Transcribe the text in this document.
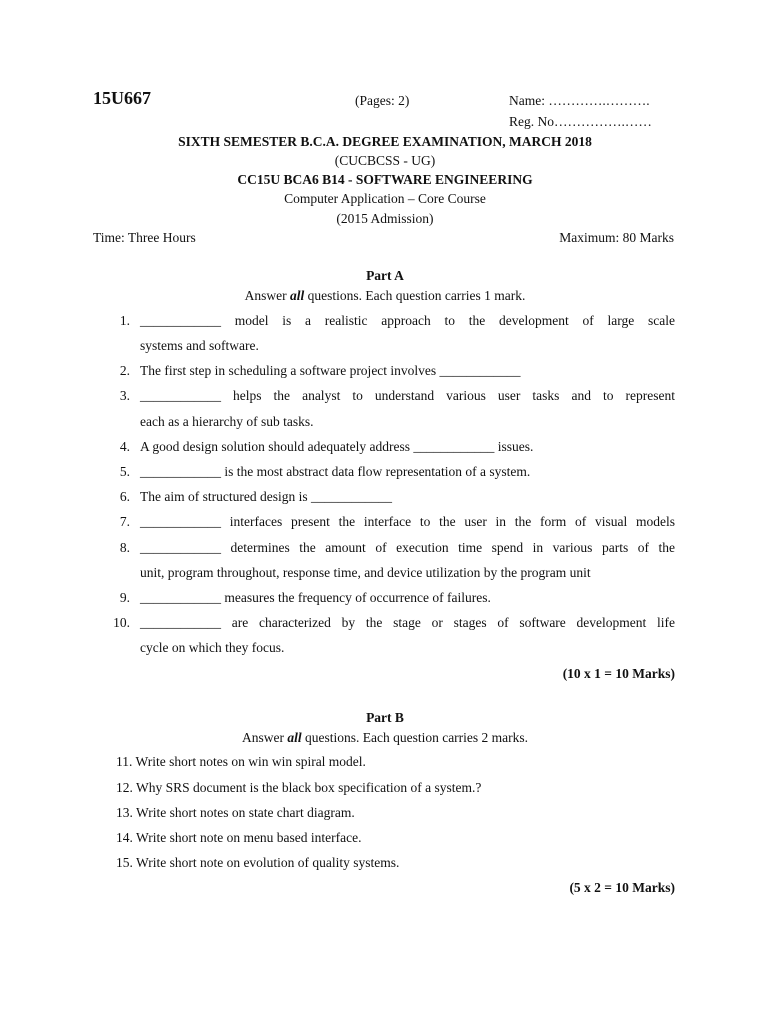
15U667	(Pages: 2)	Name: ………….……….
Reg. No…………….……
SIXTH SEMESTER B.C.A. DEGREE EXAMINATION, MARCH 2018
(CUCBCSS - UG)
CC15U BCA6 B14 - SOFTWARE ENGINEERING
Computer Application – Core Course
(2015 Admission)
Time: Three Hours	Maximum: 80 Marks
Part A
Answer all questions. Each question carries 1 mark.
1. ____________ model is a realistic approach to the development of large scale
systems and software.
2. The first step in scheduling a software project involves ____________
3. ____________ helps the analyst to understand various user tasks and to represent
each as a hierarchy of sub tasks.
4. A good design solution should adequately address ____________ issues.
5. ____________ is the most abstract data flow representation of a system.
6. The aim of structured design is ____________
7. ____________ interfaces present the interface to the user in the form of visual models
8. ____________ determines the amount of execution time spend in various parts of the
unit, program throughout, response time, and device utilization by the program unit
9. ____________ measures the frequency of occurrence of failures.
10. ____________ are characterized by the stage or stages of software development life
cycle on which they focus.
(10 x 1 = 10 Marks)
Part B
Answer all questions. Each question carries 2 marks.
11. Write short notes on win win spiral model.
12. Why SRS document is the black box specification of a system.?
13. Write short notes on state chart diagram.
14. Write short note on menu based interface.
15. Write short note on evolution of quality systems.
(5 x 2 = 10 Marks)
